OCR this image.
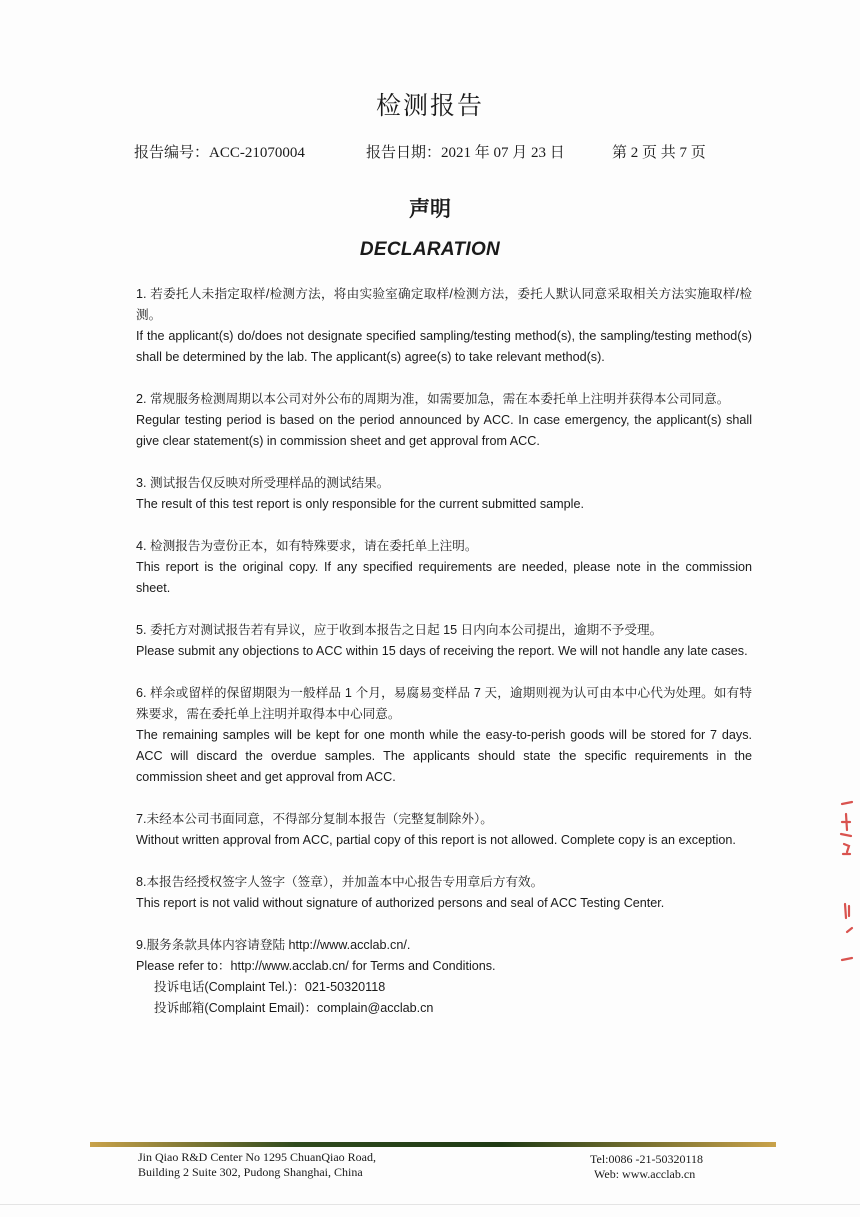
检测报告
报告编号：ACC-21070004	报告日期：2021 年 07 月 23 日	第 2 页 共 7 页
声明
DECLARATION

1. 若委托人未指定取样/检测方法，将由实验室确定取样/检测方法，委托人默认同意采取相关方法实施取样/检测。

If the applicant(s) do/does not designate specified sampling/testing method(s), the sampling/testing method(s) shall be determined by the lab. The applicant(s) agree(s) to take relevant method(s).

2. 常规服务检测周期以本公司对外公布的周期为准，如需要加急，需在本委托单上注明并获得本公司同意。

Regular testing period is based on the period announced by ACC. In case emergency, the applicant(s) shall give clear statement(s) in commission sheet and get approval from ACC.

3. 测试报告仅反映对所受理样品的测试结果。

The result of this test report is only responsible for the current submitted sample.

4. 检测报告为壹份正本，如有特殊要求，请在委托单上注明。

This report is the original copy. If any specified requirements are needed, please note in the commission sheet.

5. 委托方对测试报告若有异议，应于收到本报告之日起 15 日内向本公司提出，逾期不予受理。

Please submit any objections to ACC within 15 days of receiving the report. We will not handle any late cases.

6. 样余或留样的保留期限为一般样品 1 个月，易腐易变样品 7 天，逾期则视为认可由本中心代为处理。如有特殊要求，需在委托单上注明并取得本中心同意。

The remaining samples will be kept for one month while the easy-to-perish goods will be stored for 7 days. ACC will discard the overdue samples. The applicants should state the specific requirements in the commission sheet and get approval from ACC.

7.未经本公司书面同意，不得部分复制本报告（完整复制除外）。

Without written approval from ACC, partial copy of this report is not allowed. Complete copy is an exception.

8.本报告经授权签字人签字（签章），并加盖本中心报告专用章后方有效。

This report is not valid without signature of authorized persons and seal of ACC Testing Center.

9.服务条款具体内容请登陆 http://www.acclab.cn/.

Please refer to：http://www.acclab.cn/ for Terms and Conditions.

投诉电话(Complaint Tel.)：021-50320118

投诉邮箱(Complaint Email)：complain@acclab.cn

Jin Qiao R&D Center No 1295 ChuanQiao Road,
Building 2 Suite 302, Pudong Shanghai, China
Tel:0086 -21-50320118
Web: www.acclab.cn
